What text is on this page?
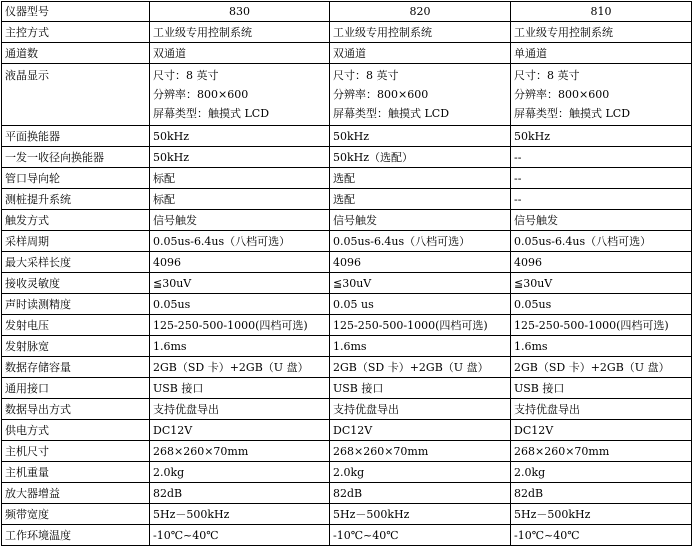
仪器型号	830	820	810
主控方式	工业级专用控制系统	工业级专用控制系统	工业级专用控制系统
通道数	双通道	双通道	单通道
液晶显示	尺寸：8 英寸
分辨率：800×600
屏幕类型：触摸式 LCD	尺寸：8 英寸
分辨率：800×600
屏幕类型：触摸式 LCD	尺寸：8 英寸
分辨率：800×600
屏幕类型：触摸式 LCD

平面换能器	50kHz	50kHz	50kHz
一发一收径向换能器	50kHz	50kHz（选配）	--
管口导向轮	标配	选配	--
测桩提升系统	标配	选配	--
触发方式	信号触发	信号触发	信号触发
采样周期	0.05us-6.4us（八档可选）	0.05us-6.4us（八档可选）	0.05us-6.4us（八档可选）
最大采样长度	4096	4096	4096
接收灵敏度	≦30uV	≦30uV	≦30uV
声时读测精度	0.05us	0.05 us	0.05us
发射电压	125-250-500-1000(四档可选)	125-250-500-1000(四档可选)	125-250-500-1000(四档可选)
发射脉宽	1.6ms	1.6ms	1.6ms
数据存储容量	2GB（SD 卡）+2GB（U 盘）	2GB（SD 卡）+2GB（U 盘）	2GB（SD 卡）+2GB（U 盘）
通用接口	USB 接口	USB 接口	USB 接口
数据导出方式	支持优盘导出	支持优盘导出	支持优盘导出
供电方式	DC12V	DC12V	DC12V
主机尺寸	268×260×70mm	268×260×70mm	268×260×70mm
主机重量	2.0kg	2.0kg	2.0kg
放大器增益	82dB	82dB	82dB
频带宽度	5Hz－500kHz	5Hz－500kHz	5Hz－500kHz
工作环境温度	-10℃~40℃	-10℃~40℃	-10℃~40℃
